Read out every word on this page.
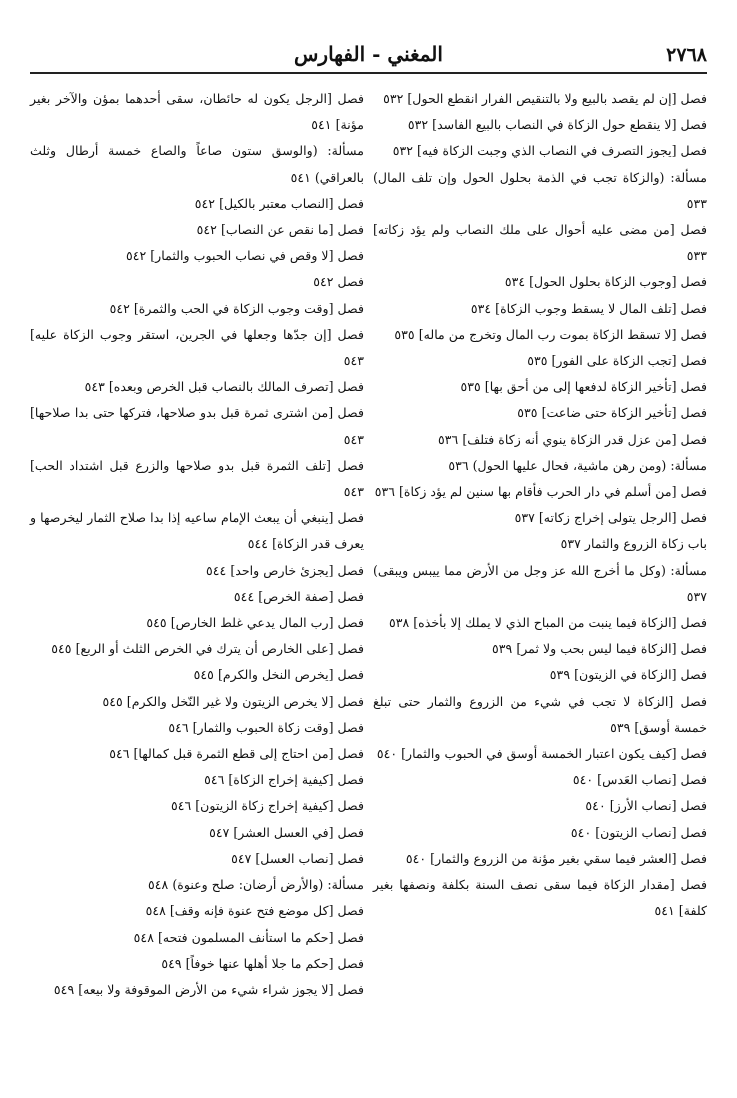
٢٧٦٨
المغني - الفهارس

فصل [إن لم يقصد بالبيع ولا بالتنقيص الفرار انقطع الحول] ٥٣٢

فصل [لا ينقطع حول الزكاة في النصاب بالبيع الفاسد] ٥٣٢

فصل [يجوز التصرف في النصاب الذي وجبت الزكاة فيه] ٥٣٢

مسألة: (والزكاة تجب في الذمة بحلول الحول وإن تلف المال) ٥٣٣

فصل [من مضى عليه أحوال على ملك النصاب ولم يؤد زكاته] ٥٣٣

فصل [وجوب الزكاة بحلول الحول] ٥٣٤

فصل [تلف المال لا يسقط وجوب الزكاة] ٥٣٤

فصل [لا تسقط الزكاة بموت رب المال وتخرج من ماله] ٥٣٥

فصل [تجب الزكاة على الفور] ٥٣٥

فصل [تأخير الزكاة لدفعها إلى من أحق بها] ٥٣٥

فصل [تأخير الزكاة حتى ضاعت] ٥٣٥

فصل [من عزل قدر الزكاة ينوي أنه زكاة فتلف] ٥٣٦

مسألة: (ومن رهن ماشية، فحال عليها الحول) ٥٣٦

فصل [من أسلم في دار الحرب فأقام بها سنين لم يؤد زكاة] ٥٣٦

فصل [الرجل يتولى إخراج زكاته] ٥٣٧

باب زكاة الزروع والثمار ٥٣٧

مسألة: (وكل ما أخرج الله عز وجل من الأرض مما ييبس ويبقى) ٥٣٧

فصل [الزكاة فيما ينبت من المباح الذي لا يملك إلا بأخذه] ٥٣٨

فصل [الزكاة فيما ليس بحب ولا ثمر] ٥٣٩

فصل [الزكاة في الزيتون] ٥٣٩

فصل [الزكاة لا تجب في شيء من الزروع والثمار حتى تبلغ خمسة أوسق] ٥٣٩

فصل [كيف يكون اعتبار الخمسة أوسق في الحبوب والثمار] ٥٤٠

فصل [نصاب العَدس] ٥٤٠

فصل [نصاب الأرز] ٥٤٠

فصل [نصاب الزيتون] ٥٤٠

فصل [العشر فيما سقي بغير مؤنة من الزروع والثمار] ٥٤٠

فصل [مقدار الزكاة فيما سقى نصف السنة بكلفة ونصفها بغير كلفة] ٥٤١

فصل [الرجل يكون له حائطان، سقى أحدهما بمؤن والآخر بغير مؤنة] ٥٤١

مسألة: (والوسق ستون صاعاً والصاع خمسة أرطال وثلث بالعراقي) ٥٤١

فصل [النصاب معتبر بالكيل] ٥٤٢

فصل [ما نقص عن النصاب] ٥٤٢

فصل [لا وقص في نصاب الحبوب والثمار] ٥٤٢

فصل ٥٤٢

فصل [وقت وجوب الزكاة في الحب والثمرة] ٥٤٢

فصل [إن جدّها وجعلها في الجرين، استقر وجوب الزكاة عليه] ٥٤٣

فصل [تصرف المالك بالنصاب قبل الخرص وبعده] ٥٤٣

فصل [من اشترى ثمرة قبل بدو صلاحها، فتركها حتى بدا صلاحها] ٥٤٣

فصل [تلف الثمرة قبل بدو صلاحها والزرع قبل اشتداد الحب] ٥٤٣

فصل [ينبغي أن يبعث الإمام ساعيه إذا بدا صلاح الثمار ليخرصها و يعرف قدر الزكاة] ٥٤٤

فصل [يجزئ خارص واحد] ٥٤٤

فصل [صفة الخرص] ٥٤٤

فصل [رب المال يدعي غلط الخارص] ٥٤٥

فصل [على الخارص أن يترك في الخرص الثلث أو الربع] ٥٤٥

فصل [يخرص النخل والكرم] ٥٤٥

فصل [لا يخرص الزيتون ولا غير النّخل والكرم] ٥٤٥

فصل [وقت زكاة الحبوب والثمار] ٥٤٦

فصل [من احتاج إلى قطع الثمرة قبل كمالها] ٥٤٦

فصل [كيفية إخراج الزكاة] ٥٤٦

فصل [كيفية إخراج زكاة الزيتون] ٥٤٦

فصل [في العسل العشر] ٥٤٧

فصل [نصاب العسل] ٥٤٧

مسألة: (والأرض أرضان: صلح وعنوة) ٥٤٨

فصل [كل موضع فتح عنوة فإنه وقف] ٥٤٨

فصل [حكم ما استأنف المسلمون فتحه] ٥٤٨

فصل [حكم ما جلا أهلها عنها خوفاً] ٥٤٩

فصل [لا يجوز شراء شيء من الأرض الموقوفة ولا بيعه] ٥٤٩
